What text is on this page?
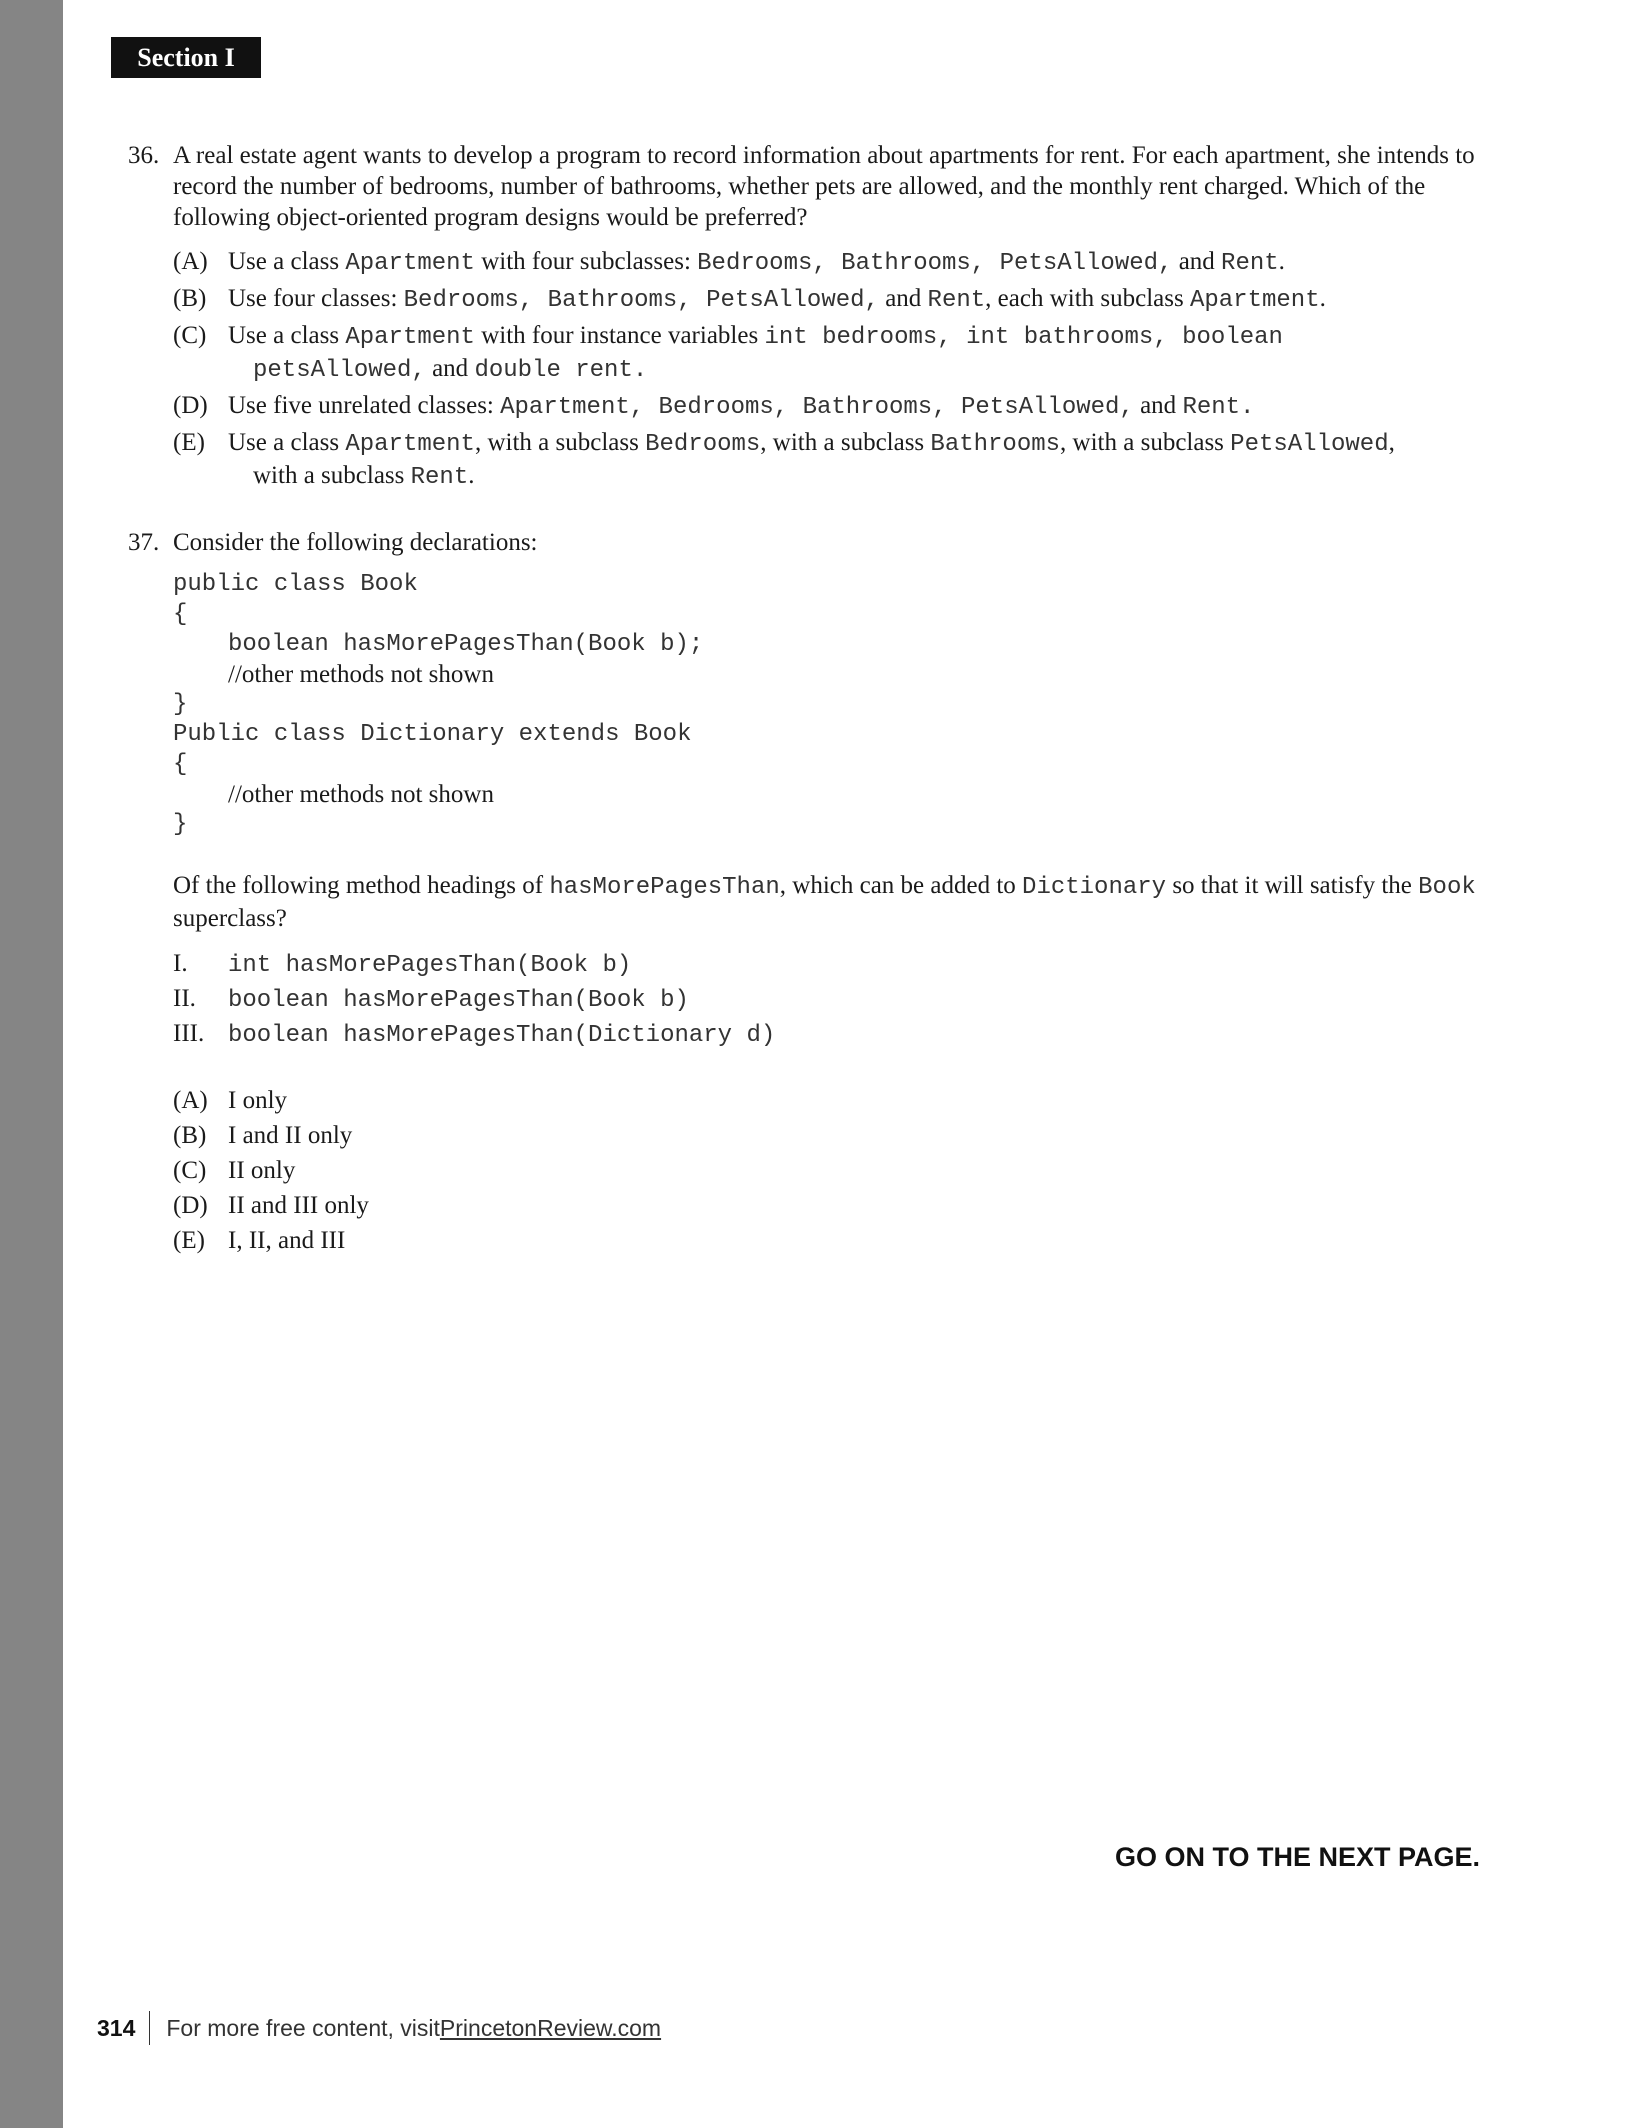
Section I
36. A real estate agent wants to develop a program to record information about apartments for rent. For each apartment, she intends to record the number of bedrooms, number of bathrooms, whether pets are allowed, and the monthly rent charged. Which of the following object-oriented program designs would be preferred?

(A) Use a class Apartment with four subclasses: Bedrooms, Bathrooms, PetsAllowed, and Rent.
(B) Use four classes: Bedrooms, Bathrooms, PetsAllowed, and Rent, each with subclass Apartment.
(C) Use a class Apartment with four instance variables int bedrooms, int bathrooms, boolean
petsAllowed, and double rent.
(D) Use five unrelated classes: Apartment, Bedrooms, Bathrooms, PetsAllowed, and Rent.
(E) Use a class Apartment, with a subclass Bedrooms, with a subclass Bathrooms, with a subclass PetsAllowed,
with a subclass Rent.
37. Consider the following declarations:

public class Book
{
boolean hasMorePagesThan(Book b);
//other methods not shown
}
Public class Dictionary extends Book
{
//other methods not shown
}

Of the following method headings of hasMorePagesThan, which can be added to Dictionary so that it will satisfy the Book superclass?

I. int hasMorePagesThan(Book b)
II. boolean hasMorePagesThan(Book b)
III. boolean hasMorePagesThan(Dictionary d)
(A) I only
(B) I and II only
(C) II only
(D) II and III only
(E) I, II, and III
GO ON TO THE NEXT PAGE.
314 For more free content, visit PrincetonReview.com
